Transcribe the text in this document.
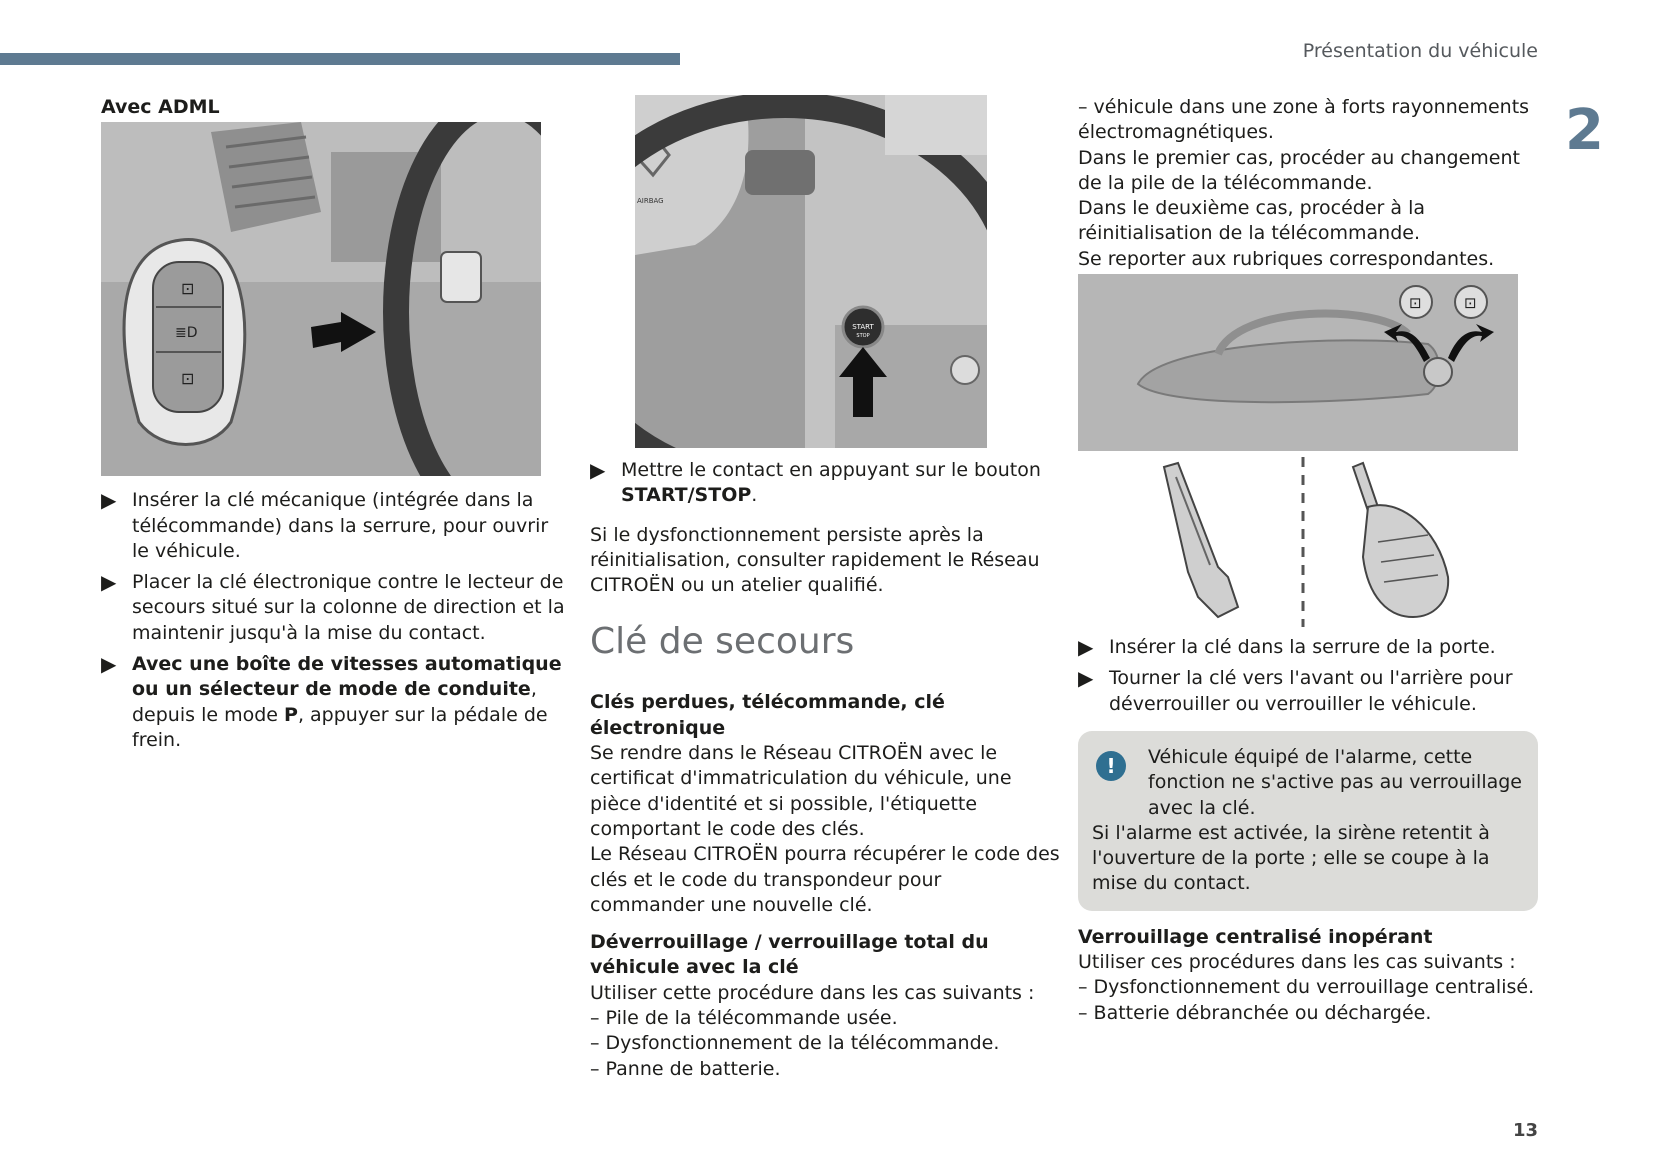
Présentation du véhicule
2
13

Avec ADML

⊡
≣D
⊡
▶ Insérer la clé mécanique (intégrée dans la télécommande) dans la serrure, pour ouvrir le véhicule.
▶ Placer la clé électronique contre le lecteur de secours situé sur la colonne de direction et la maintenir jusqu'à la mise du contact.
▶ Avec une boîte de vitesses automatique ou un sélecteur de mode de conduite, depuis le mode P, appuyer sur la pédale de frein.
AIRBAG
START
STOP
▶ Mettre le contact en appuyant sur le bouton START/STOP.

Si le dysfonctionnement persiste après la réinitialisation, consulter rapidement le Réseau CITROËN ou un atelier qualifié.

Clé de secours

Clés perdues, télécommande, clé électronique

Se rendre dans le Réseau CITROËN avec le certificat d'immatriculation du véhicule, une pièce d'identité et si possible, l'étiquette comportant le code des clés.

Le Réseau CITROËN pourra récupérer le code des clés et le code du transpondeur pour commander une nouvelle clé.

Déverrouillage / verrouillage total du véhicule avec la clé

Utiliser cette procédure dans les cas suivants :

– Pile de la télécommande usée.

– Dysfonctionnement de la télécommande.

– Panne de batterie.

– véhicule dans une zone à forts rayonnements électromagnétiques.

Dans le premier cas, procéder au changement de la pile de la télécommande.

Dans le deuxième cas, procéder à la réinitialisation de la télécommande.

Se reporter aux rubriques correspondantes.

⊡	⊡
▶ Insérer la clé dans la serrure de la porte.
▶ Tourner la clé vers l'avant ou l'arrière pour déverrouiller ou verrouiller le véhicule.
!	Véhicule équipé de l'alarme, cette fonction ne s'active pas au verrouillage avec la clé.

Si l'alarme est activée, la sirène retentit à l'ouverture de la porte ; elle se coupe à la mise du contact.

Verrouillage centralisé inopérant

Utiliser ces procédures dans les cas suivants :

– Dysfonctionnement du verrouillage centralisé.

– Batterie débranchée ou déchargée.
